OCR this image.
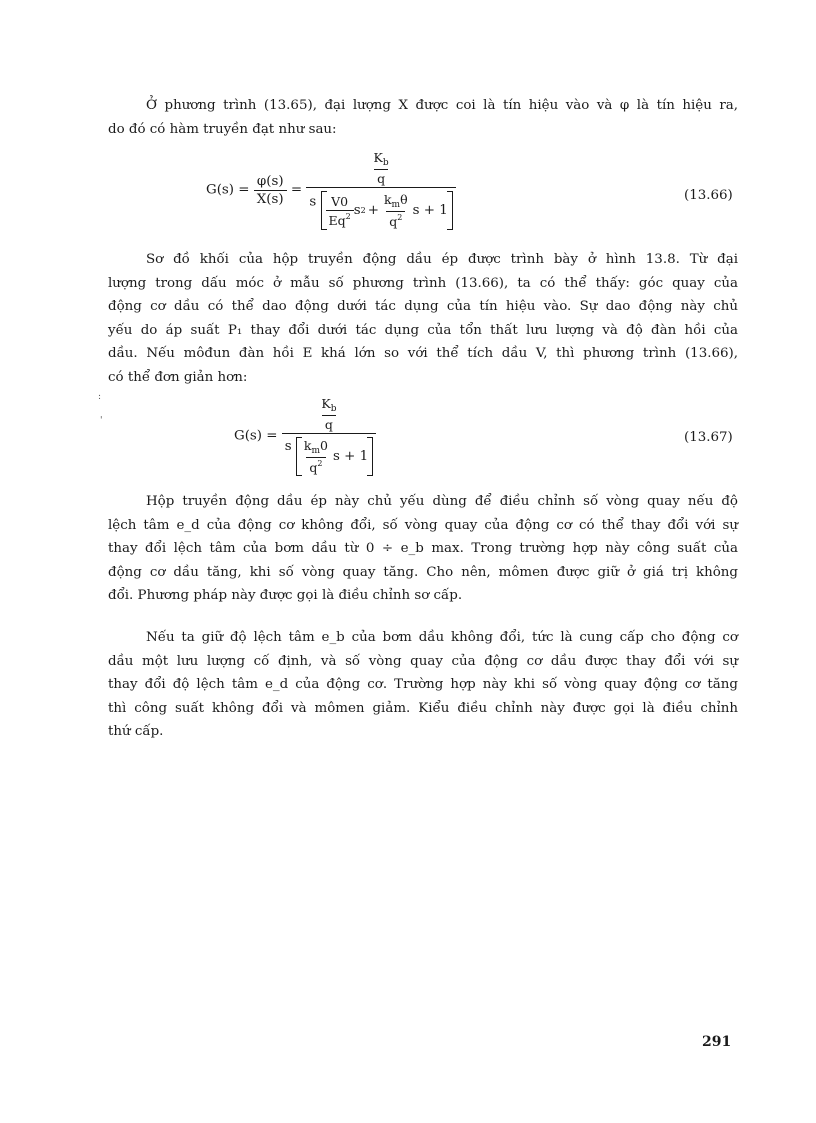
Ở phương trình (13.65), đại lượng X được coi là tín hiệu vào và φ là tín hiệu ra,
do đó có hàm truyền đạt như sau:
$G(s) = \frac{\varphi(s)}{X(s)}$ =
$\frac{K_b}{q}$
s $\frac{V0}{Eq^2}$ s $2 + \frac{k_m\theta}{q^2}$ s + 1
(13.66)
Sơ đồ khối của hộp truyền động dầu ép được trình bày ở hình 13.8. Từ đại
lượng trong dấu móc ở mẫu số phương trình (13.66), ta có thể thấy: góc quay của
động cơ dầu có thể dao động dưới tác dụng của tín hiệu vào. Sự dao động này chủ
yếu do áp suất P₁ thay đổi dưới tác dụng của tổn thất lưu lượng và độ đàn hồi của
dầu. Nếu môđun đàn hồi E khá lớn so với thể tích dầu V, thì phương trình (13.66),
có thể đơn giản hơn:
G(s) =
$\frac{K_b}{q}$
s $\frac{k_m0}{q^2}$ s + 1
(13.67)
Hộp truyền động dầu ép này chủ yếu dùng để điều chỉnh số vòng quay nếu độ
lệch tâm e_d của động cơ không đổi, số vòng quay của động cơ có thể thay đổi với sự
thay đổi lệch tâm của bơm dầu từ 0 ÷ e_b max. Trong trường hợp này công suất của
động cơ dầu tăng, khi số vòng quay tăng. Cho nên, mômen được giữ ở giá trị không
đổi. Phương pháp này được gọi là điều chỉnh sơ cấp.
Nếu ta giữ độ lệch tâm e_b của bơm dầu không đổi, tức là cung cấp cho động cơ
dầu một lưu lượng cố định, và số vòng quay của động cơ dầu được thay đổi với sự
thay đổi độ lệch tâm e_d của động cơ. Trường hợp này khi số vòng quay động cơ tăng
thì công suất không đổi và mômen giảm. Kiểu điều chỉnh này được gọi là điều chỉnh
thứ cấp.
291
:
'
